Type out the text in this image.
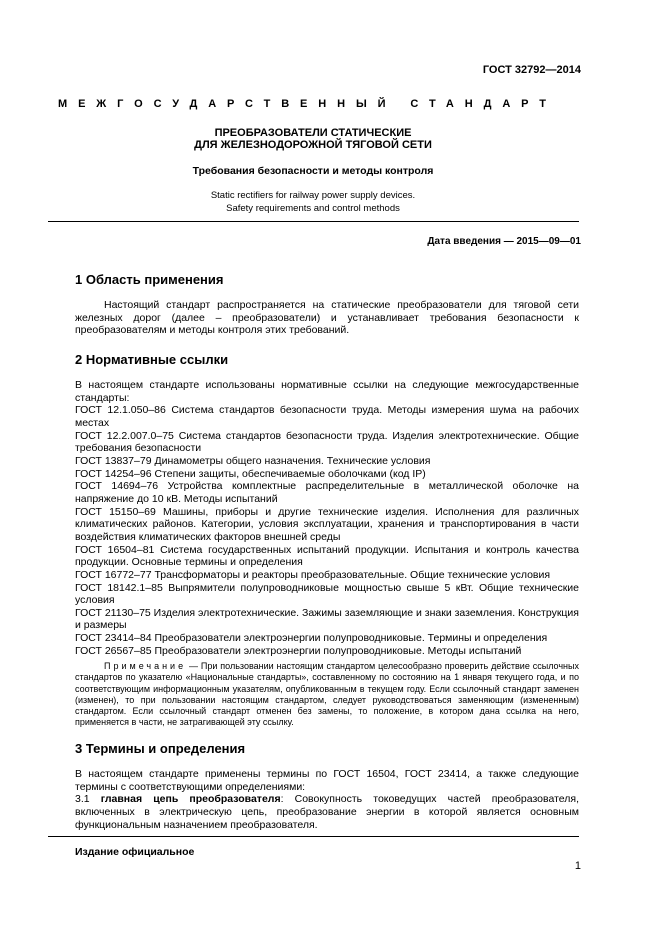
ГОСТ 32792—2014
МЕЖГОСУДАРСТВЕННЫЙ СТАНДАРТ
ПРЕОБРАЗОВАТЕЛИ СТАТИЧЕСКИЕ
ДЛЯ ЖЕЛЕЗНОДОРОЖНОЙ ТЯГОВОЙ СЕТИ
Требования безопасности и методы контроля
Static rectifiers for railway power supply devices.
Safety requirements and control methods
Дата введения — 2015—09—01
1 Область применения

Настоящий стандарт распространяется на статические преобразователи для тяговой сети железных дорог (далее – преобразователи) и устанавливает требования безопасности к преобразователям и методы контроля этих требований.

2 Нормативные ссылки

В настоящем стандарте использованы нормативные ссылки на следующие межгосударственные стандарты:

ГОСТ 12.1.050–86 Система стандартов безопасности труда. Методы измерения шума на рабочих местах

ГОСТ 12.2.007.0–75 Система стандартов безопасности труда. Изделия электротехнические. Общие требования безопасности

ГОСТ 13837–79 Динамометры общего назначения. Технические условия

ГОСТ 14254–96 Степени защиты, обеспечиваемые оболочками (код IP)

ГОСТ 14694–76 Устройства комплектные распределительные в металлической оболочке на напряжение до 10 кВ. Методы испытаний

ГОСТ 15150–69 Машины, приборы и другие технические изделия. Исполнения для различных климатических районов. Категории, условия эксплуатации, хранения и транспортирования в части воздействия климатических факторов внешней среды

ГОСТ 16504–81 Система государственных испытаний продукции. Испытания и контроль качества продукции. Основные термины и определения

ГОСТ 16772–77 Трансформаторы и реакторы преобразовательные. Общие технические условия

ГОСТ 18142.1–85 Выпрямители полупроводниковые мощностью свыше 5 кВт. Общие технические условия

ГОСТ 21130–75 Изделия электротехнические. Зажимы заземляющие и знаки заземления. Конструкция и размеры

ГОСТ 23414–84 Преобразователи электроэнергии полупроводниковые. Термины и определения

ГОСТ 26567–85 Преобразователи электроэнергии полупроводниковые. Методы испытаний

Примечание — При пользовании настоящим стандартом целесообразно проверить действие ссылочных стандартов по указателю «Национальные стандарты», составленному по состоянию на 1 января текущего года, и по соответствующим информационным указателям, опубликованным в текущем году. Если ссылочный стандарт заменен (изменен), то при пользовании настоящим стандартом, следует руководствоваться заменяющим (измененным) стандартом. Если ссылочный стандарт отменен без замены, то положение, в котором дана ссылка на него, применяется в части, не затрагивающей эту ссылку.
3 Термины и определения

В настоящем стандарте применены термины по ГОСТ 16504, ГОСТ 23414, а также следующие термины с соответствующими определениями:

3.1 главная цепь преобразователя: Совокупность токоведущих частей преобразователя, включенных в электрическую цепь, преобразование энергии в которой является основным функциональным назначением преобразователя.

Издание официальное
1
